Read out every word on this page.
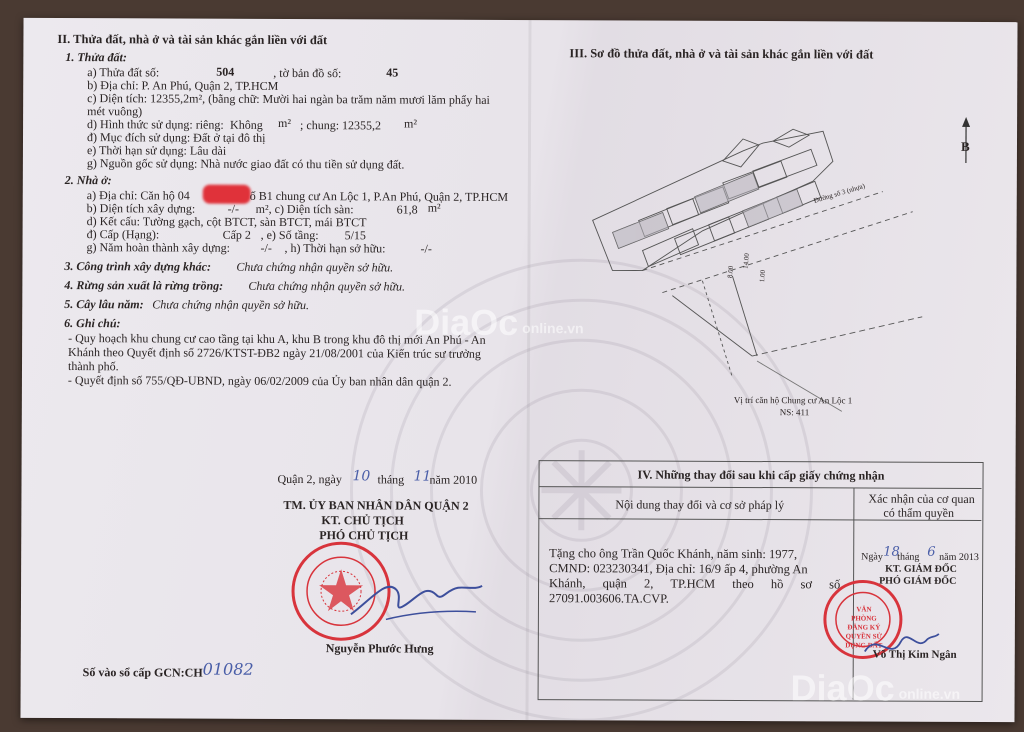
II. Thửa đất, nhà ở và tài sản khác gắn liền với đất
1. Thửa đất:
a) Thửa đất số:	504	, tờ bản đồ số:	45
b) Địa chỉ: P. An Phú, Quận 2, TP.HCM
c) Diện tích: 12355,2m², (bằng chữ: Mười hai ngàn ba trăm năm mươi lăm phẩy hai
mét vuông)
d) Hình thức sử dụng: riêng: Không m² ; chung: 12355,2 m²
đ) Mục đích sử dụng: Đất ở tại đô thị
e) Thời hạn sử dụng: Lâu dài
g) Nguồn gốc sử dụng: Nhà nước giao đất có thu tiền sử dụng đất.
2. Nhà ở:
a) Địa chỉ: Căn hộ 04	ố B1 chung cư An Lộc 1, P.An Phú, Quận 2, TP.HCM
b) Diện tích xây dựng:	-/- m², c) Diện tích sàn:	61,8 m²
d) Kết cấu: Tường gạch, cột BTCT, sàn BTCT, mái BTCT
đ) Cấp (Hạng):	Cấp 2 , e) Số tầng: 5/15
g) Năm hoàn thành xây dựng:	-/- , h) Thời hạn sở hữu:	-/-
3. Công trình xây dựng khác: Chưa chứng nhận quyền sở hữu.
4. Rừng sản xuất là rừng trồng: Chưa chứng nhận quyền sở hữu.
5. Cây lâu năm: Chưa chứng nhận quyền sở hữu.
6. Ghi chú:
- Quy hoạch khu chung cư cao tầng tại khu A, khu B trong khu đô thị mới An Phú - An
Khánh theo Quyết định số 2726/KTST-ĐB2 ngày 21/08/2001 của Kiến trúc sư trưởng
thành phố.
- Quyết định số 755/QĐ-UBND, ngày 06/02/2009 của Ủy ban nhân dân quận 2.
Quận 2, ngày 10 tháng 11
năm 2010
TM. ỦY BAN NHÂN DÂN QUẬN 2
KT. CHỦ TỊCH
PHÓ CHỦ TỊCH
Nguyễn Phước Hưng
Số vào sổ cấp GCN:CH 01082
III. Sơ đồ thửa đất, nhà ở và tài sản khác gắn liền với đất
B
Đường số 3 (nhựa)
14.00
1.00
8.00
Vị trí căn hộ Chung cư An Lộc 1
NS: 411
IV. Những thay đổi sau khi cấp giấy chứng nhận
Nội dung thay đổi và cơ sở pháp lý	Xác nhận của cơ quan
có thẩm quyền
Tặng cho ông Trần Quốc Khánh, năm sinh: 1977,
CMND: 023230341, Địa chỉ: 16/9 ấp 4, phường An
Khánh, quận 2, TP.HCM theo hồ sơ số
27091.003606.TA.CVP.
Ngày 18
tháng 6 năm 2013
KT. GIÁM ĐỐC
PHÓ GIÁM ĐỐC
VĂN PHÒNG ĐĂNG KÝ QUYỀN SỬ DỤNG ĐẤT
Võ Thị Kim Ngân
DiaOc online.vn
DiaOc online.vn
